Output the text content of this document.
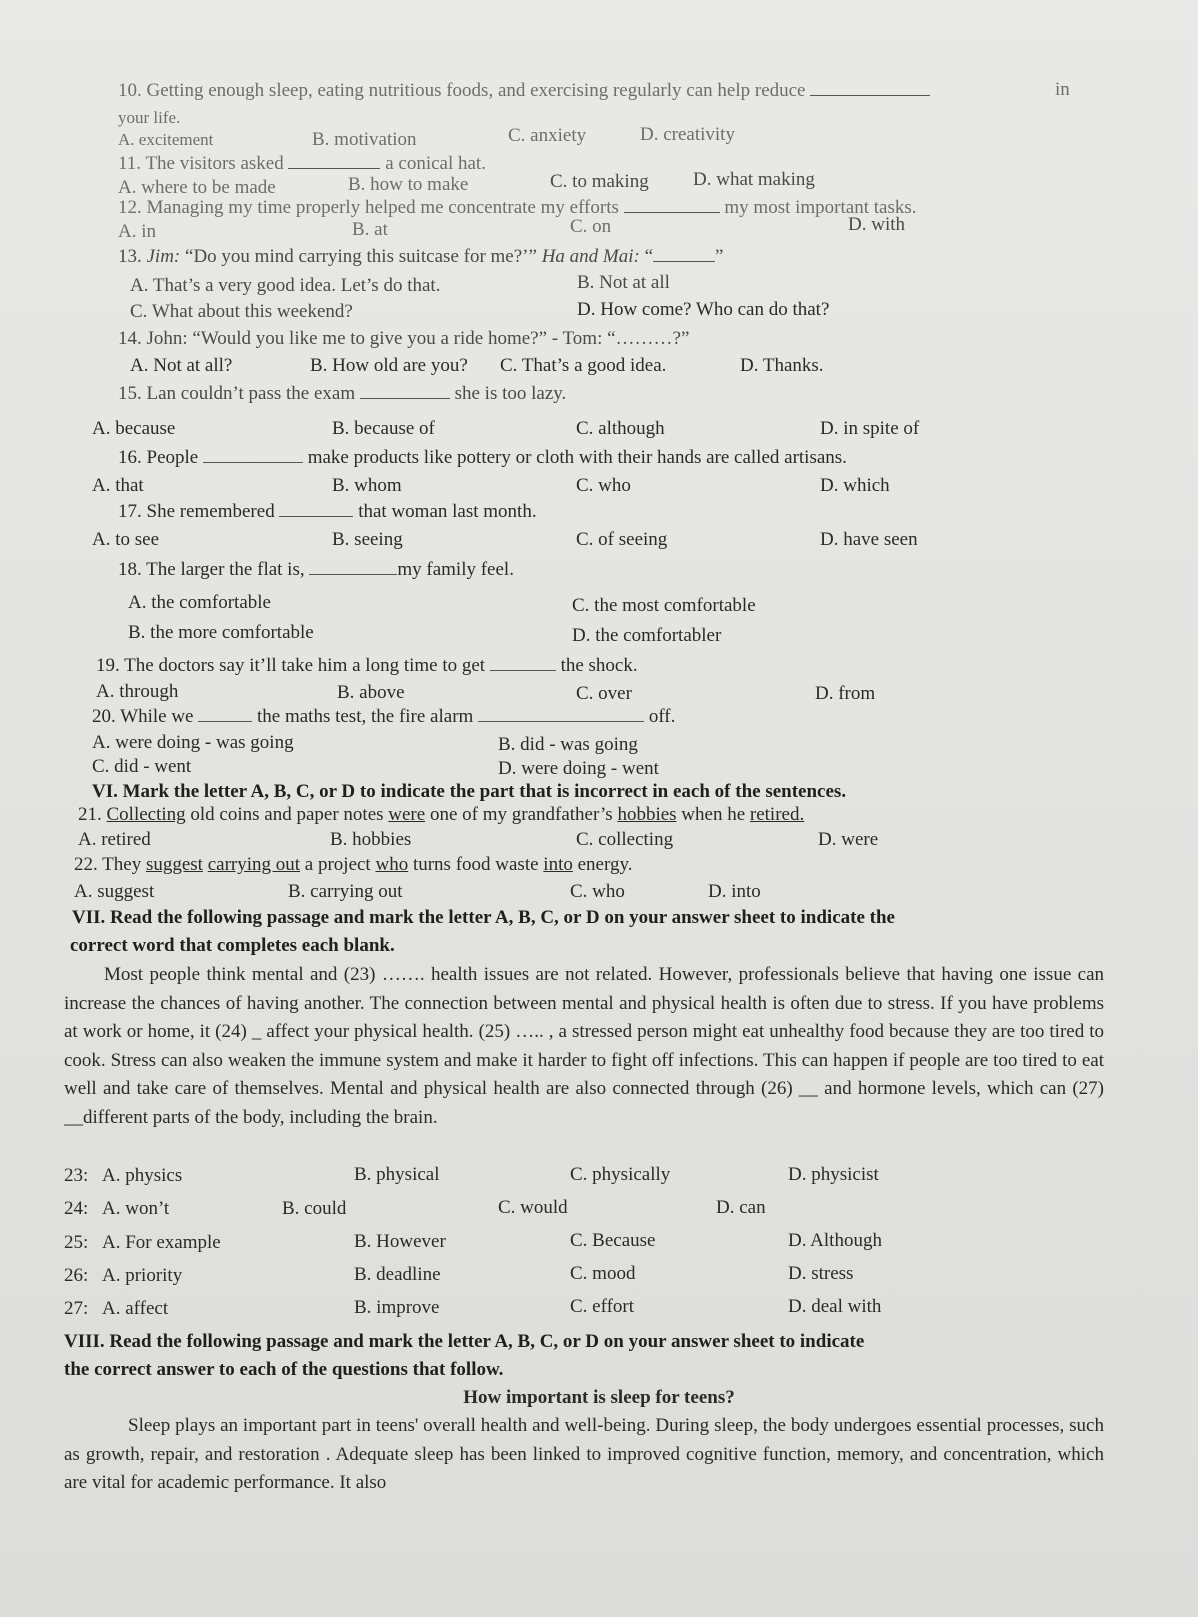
10. Getting enough sleep, eating nutritious foods, and exercising regularly can help reduce	in
your life.
A. excitement	B. motivation	C. anxiety	D. creativity
11. The visitors asked	a conical hat.
A. where to be made	B. how to make	C. to making D. what making
12. Managing my time properly helped me concentrate my efforts	my most important tasks.
A. in	B. at	C. on	D. with
13. Jim: “Do you mind carrying this suitcase for me?’” Ha and Mai: “	”
A. That’s a very good idea. Let’s do that.	B. Not at all
C. What about this weekend?	D. How come? Who can do that?
14. John: “Would you like me to give you a ride home?” - Tom: “………?”
A. Not at all?	B. How old are you? C. That’s a good idea.	D. Thanks.
15. Lan couldn’t pass the exam	she is too lazy.
A. because	B. because of	C. although	D. in spite of
16. People	make products like pottery or cloth with their hands are called artisans.
A. that	B. whom	C. who	D. which
17. She remembered	that woman last month.
A. to see	B. seeing	C. of seeing	D. have seen
18. The larger the flat is,	my family feel.
A. the comfortable
B. the more comfortable
C. the most comfortable
D. the comfortabler
19. The doctors say it’ll take him a long time to get	the shock.
A. through	B. above	C. over	D. from
20. While we	the maths test, the fire alarm	off.
A. were doing - was going	B. did - was going
C. did - went	D. were doing - went
VI. Mark the letter A, B, C, or D to indicate the part that is incorrect in each of the sentences.
21. Collecting old coins and paper notes were one of my grandfather’s hobbies when he retired.
A. retired	B. hobbies	C. collecting	D. were
22. They suggest carrying out a project who turns food waste into energy.
A. suggest	B. carrying out	C. who	D. into
VII. Read the following passage and mark the letter A, B, C, or D on your answer sheet to indicate the
correct word that completes each blank.
Most people think mental and (23) ……. health issues are not related. However, professionals believe that having one issue can increase the chances of having another. The connection between mental and physical health is often due to stress. If you have problems at work or home, it (24) _ affect your physical health. (25) ….. , a stressed person might eat unhealthy food because they are too tired to cook. Stress can also weaken the immune system and make it harder to fight off infections. This can happen if people are too tired to eat well and take care of themselves. Mental and physical health are also connected through (26) __ and hormone levels, which can (27) __different parts of the body, including the brain.
23: A. physics	B. physical	C. physically	D. physicist
24: A. won’t	B. could	C. would	D. can
25: A. For example	B. However	C. Because	D. Although
26: A. priority	B. deadline	C. mood	D. stress
27: A. affect	B. improve	C. effort	D. deal with
VIII. Read the following passage and mark the letter A, B, C, or D on your answer sheet to indicate
the correct answer to each of the questions that follow.
How important is sleep for teens?
Sleep plays an important part in teens' overall health and well-being. During sleep, the body undergoes essential processes, such as growth, repair, and restoration . Adequate sleep has been linked to improved cognitive function, memory, and concentration, which are vital for academic performance. It also
